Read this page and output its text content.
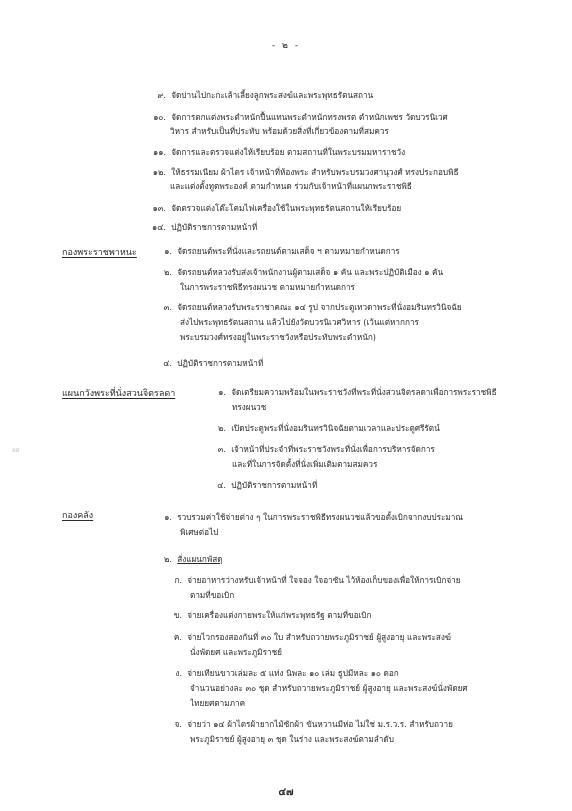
- ๒ -
๙. จัดบ่านไปกะกะเล้าเลี้ยงลูกพระสงฆ์และพระพุทธรัตนสถาน
๑๐. จัดการตกแต่งพระตำหนักปื้นแทนพระตำหนักทรงพรต ตำหนักเพชร วัดบวรนิเวศ
วิหาร สำหรับเป็นที่ประทับ พร้อมด้วยสิ่งที่เกี่ยวข้องตามที่สมควร
๑๑. จัดการและตรวจแต่งให้เรียบร้อย ตามสถานที่ในพระบรมมหาราชวัง
๑๒. ให้ธรรมเนียม ผ้าไตร เจ้าหน้าที่ห้องพระ สำหรับพระบรมวงศานุวงศ์ ทรงประกอบพิธี
และแต่งตั้งทูตพระองค์ ตามกำหนด ร่วมกับเจ้าหน้าที่แผนกพระราชพิธี
๑๓. จัดตรวจแต่งโต๊ะโคมไฟเครื่องใช้ในพระพุทธรัตนสถานให้เรียบร้อย
๑๔. ปฏิบัติราชการตามหน้าที่
กองพระราชพาหนะ	๑. จัดรถยนต์พระที่นั่งและรถยนต์ตามเสด็จ ฯ ตามหมายกำหนดการ
๒. จัดรถยนต์หลวงรับส่งเจ้าพนักงานผู้ตามเสด็จ ๑ คัน และพระปฏิบัติเมือง ๑ คัน
ในการพระราชพิธีทรงผนวช ตามหมายกำหนดการ
๓. จัดรถยนต์หลวงรับพระราชาคณะ ๑๔ รูป จากประตูเทวดาพระที่นั่งอมรินทรวินิจฉัย
ส่งไปพระพุทธรัตนสถาน แล้วไปยังวัดบวรนิเวศวิหาร (เว้นแต่หากการ
พระบรมวงศ์ทรงอยู่ในพระราชวังหรือประทับพระตำหนัก)
๔. ปฏิบัติราชการตามหน้าที่
แผนกวังพระที่นั่งสวนจิตรลดา	๑. จัดเตรียมความพร้อมในพระราชวังที่พระที่นั่งสวนจิตรลดาเพื่อการพระราชพิธี
ทรงผนวช
๒. เปิดประตูพระที่นั่งอมรินทรวินิจฉัยตามเวลาและประตูศรีรัตน์
๓. เจ้าหน้าที่ประจำที่พระราชวังพระที่นั่งเพื่อการบริหารจัดการ
และที่ในการจัดตั้งที่นั่งเพิ่มเติมตามสมควร
๔. ปฏิบัติราชการตามหน้าที่
กองคลัง	๑. รวบรวมค่าใช้จ่ายต่าง ๆ ในการพระราชพิธีทรงผนวชแล้วขอตั้งเบิกจากงบประมาณ
พิเศษต่อไป
๒. สั่งแผนกพัสดุ
ก. จ่ายอาหารว่างหรับเจ้าหน้าที่ ใจจอง ใจอาซัน ไว้ห้องเก็บของเพื่อให้การเบิกจ่าย
ตามที่ขอเบิก
ข. จ่ายเครื่องแต่งกายพระให้แก่พระพุทธรัฐ ตามที่ขอเบิก
ค. จ่ายไวกรองสองกันที่ ๓๐ ใบ สำหรับถวายพระภูมิราชย์ ผู้สูงอายุ และพระสงฆ์
นั่งพัดยศ และพระภูมิราชย์
ง. จ่ายเทียนขาวเล่มละ ๕ แท่ง นิพละ ๑๐ เล่ม ธูปมีหละ ๑๐ ดอก
จำนวนอย่างละ ๓๐ ชุด สำหรับถวายพระภูมิราชย์ ผู้สูงอายุ และพระสงฆ์นั่งพัดยศ
ไทยยศตามภาค
จ. จ่ายว่า ๑๔ ผ้าไตรผ้ายากไม้ซักผ้า ขันหวานมีห่อ ไม่ใช่ ม.ร.ว.ร. สำหรับถวาย
พระภูมิราชย์ ผู้สูงอายุ ๓ ชุด ในร่าง และพระสงฆ์ตามลำดับ
ลส
๔๗
